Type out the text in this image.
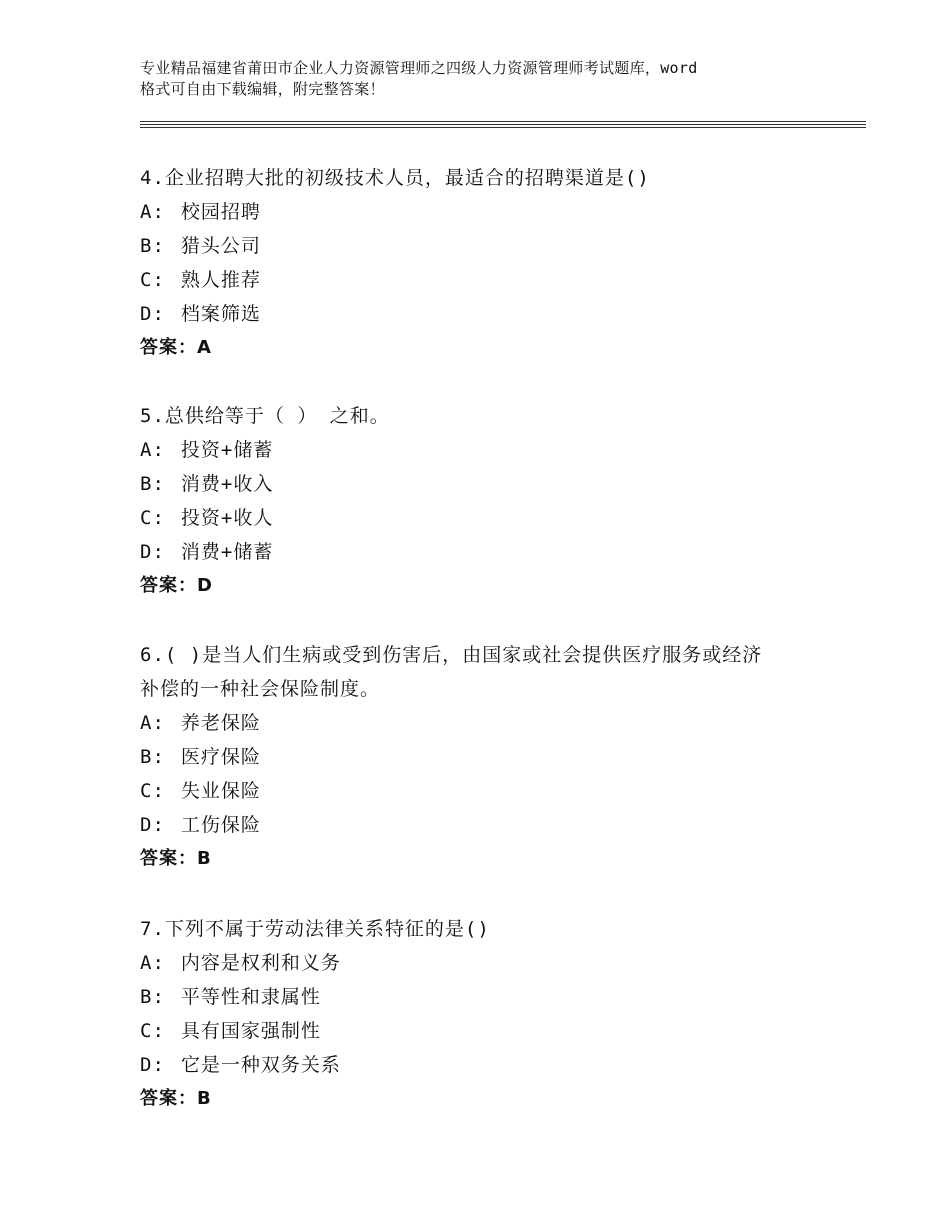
专业精品福建省莆田市企业人力资源管理师之四级人力资源管理师考试题库，word
格式可自由下载编辑，附完整答案！
4.企业招聘大批的初级技术人员，最适合的招聘渠道是()
A: 校园招聘
B: 猎头公司
C: 熟人推荐
D: 档案筛选
答案：A
5.总供给等于（ ） 之和。
A: 投资+储蓄
B: 消费+收入
C: 投资+收人
D: 消费+储蓄
答案：D
6.( )是当人们生病或受到伤害后，由国家或社会提供医疗服务或经济
补偿的一种社会保险制度。
A: 养老保险
B: 医疗保险
C: 失业保险
D: 工伤保险
答案：B
7.下列不属于劳动法律关系特征的是()
A: 内容是权利和义务
B: 平等性和隶属性
C: 具有国家强制性
D: 它是一种双务关系
答案：B
